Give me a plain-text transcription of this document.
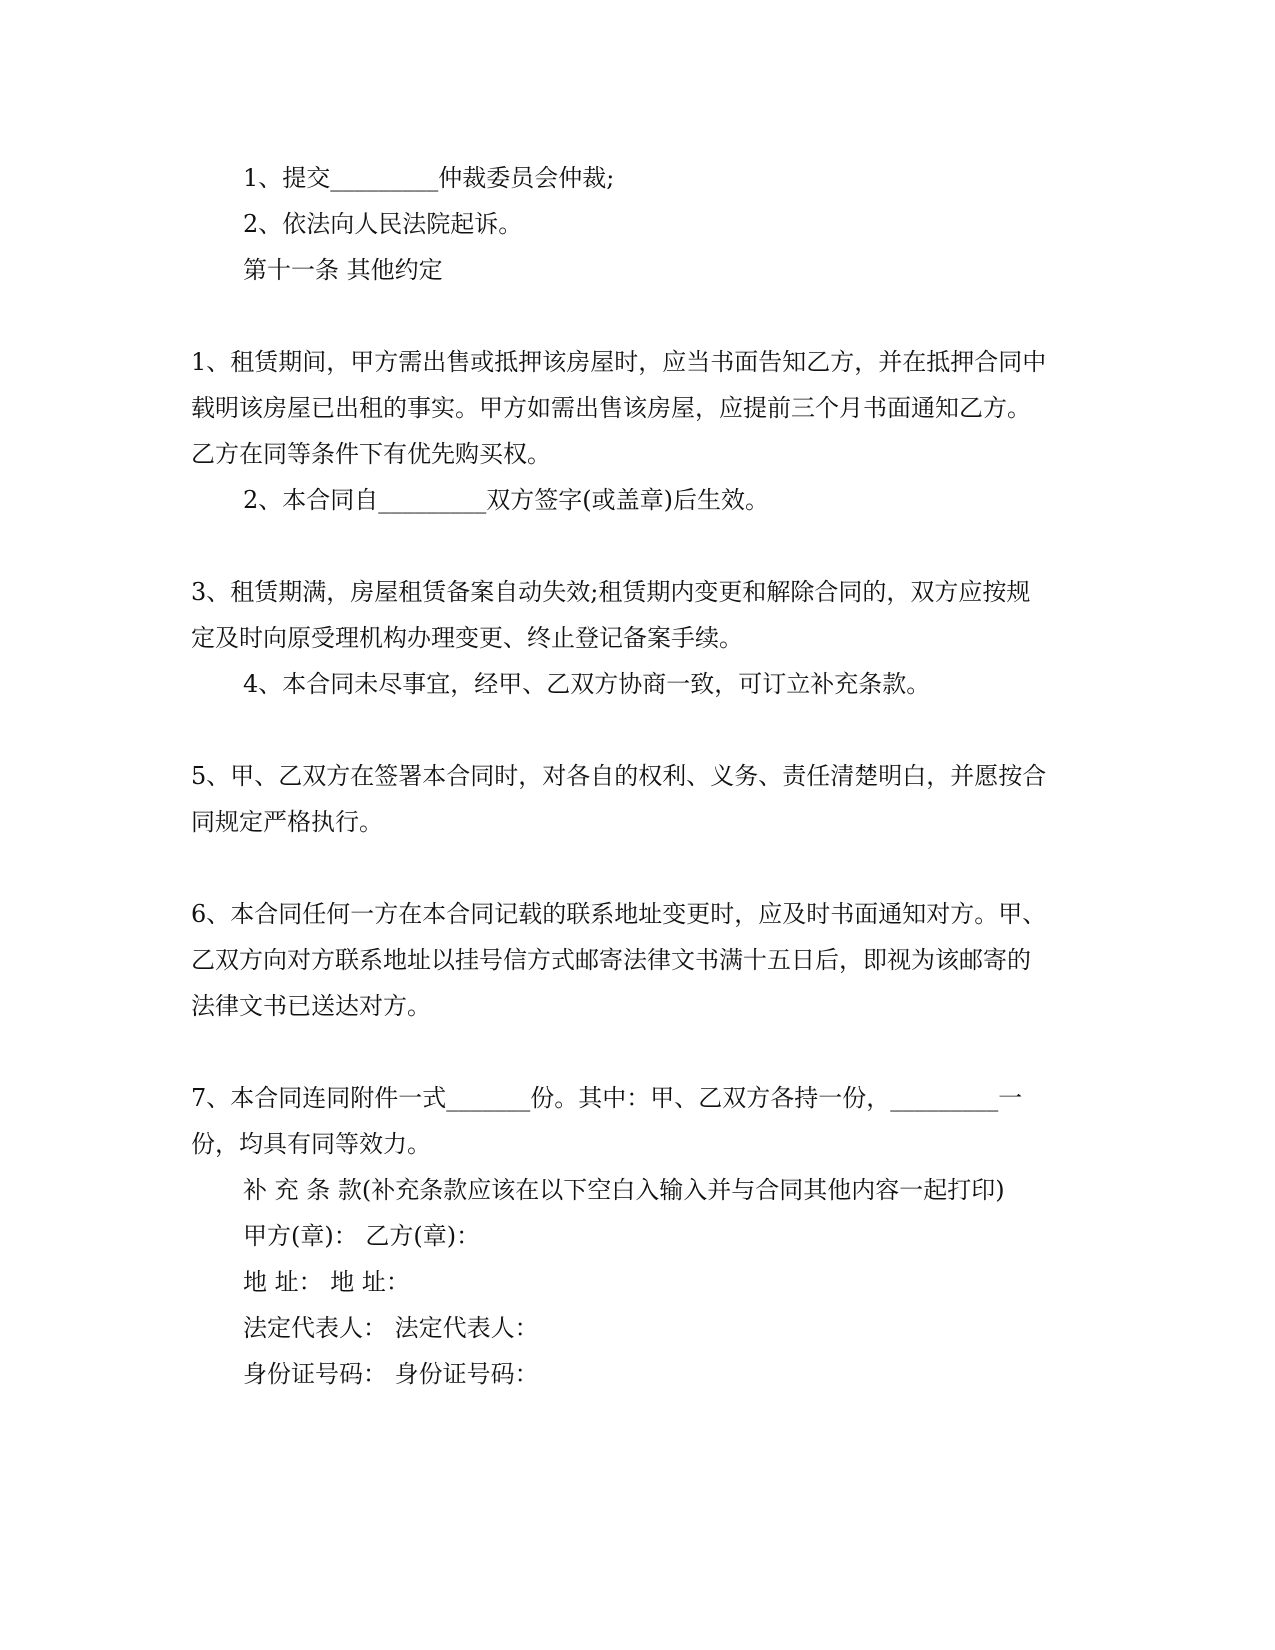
1、提交_________仲裁委员会仲裁;

2、依法向人民法院起诉。

第十一条 其他约定

1、租赁期间，甲方需出售或抵押该房屋时，应当书面告知乙方，并在抵押合同中

载明该房屋已出租的事实。甲方如需出售该房屋，应提前三个月书面通知乙方。

乙方在同等条件下有优先购买权。

2、本合同自_________双方签字(或盖章)后生效。

3、租赁期满，房屋租赁备案自动失效;租赁期内变更和解除合同的，双方应按规

定及时向原受理机构办理变更、终止登记备案手续。

4、本合同未尽事宜，经甲、乙双方协商一致，可订立补充条款。

5、甲、乙双方在签署本合同时，对各自的权利、义务、责任清楚明白，并愿按合

同规定严格执行。

6、本合同任何一方在本合同记载的联系地址变更时，应及时书面通知对方。甲、

乙双方向对方联系地址以挂号信方式邮寄法律文书满十五日后，即视为该邮寄的

法律文书已送达对方。

7、本合同连同附件一式_______份。其中：甲、乙双方各持一份，_________一

份，均具有同等效力。

补 充 条 款(补充条款应该在以下空白入输入并与合同其他内容一起打印)

甲方(章)： 乙方(章)：

地 址： 地 址：

法定代表人： 法定代表人：

身份证号码： 身份证号码：
